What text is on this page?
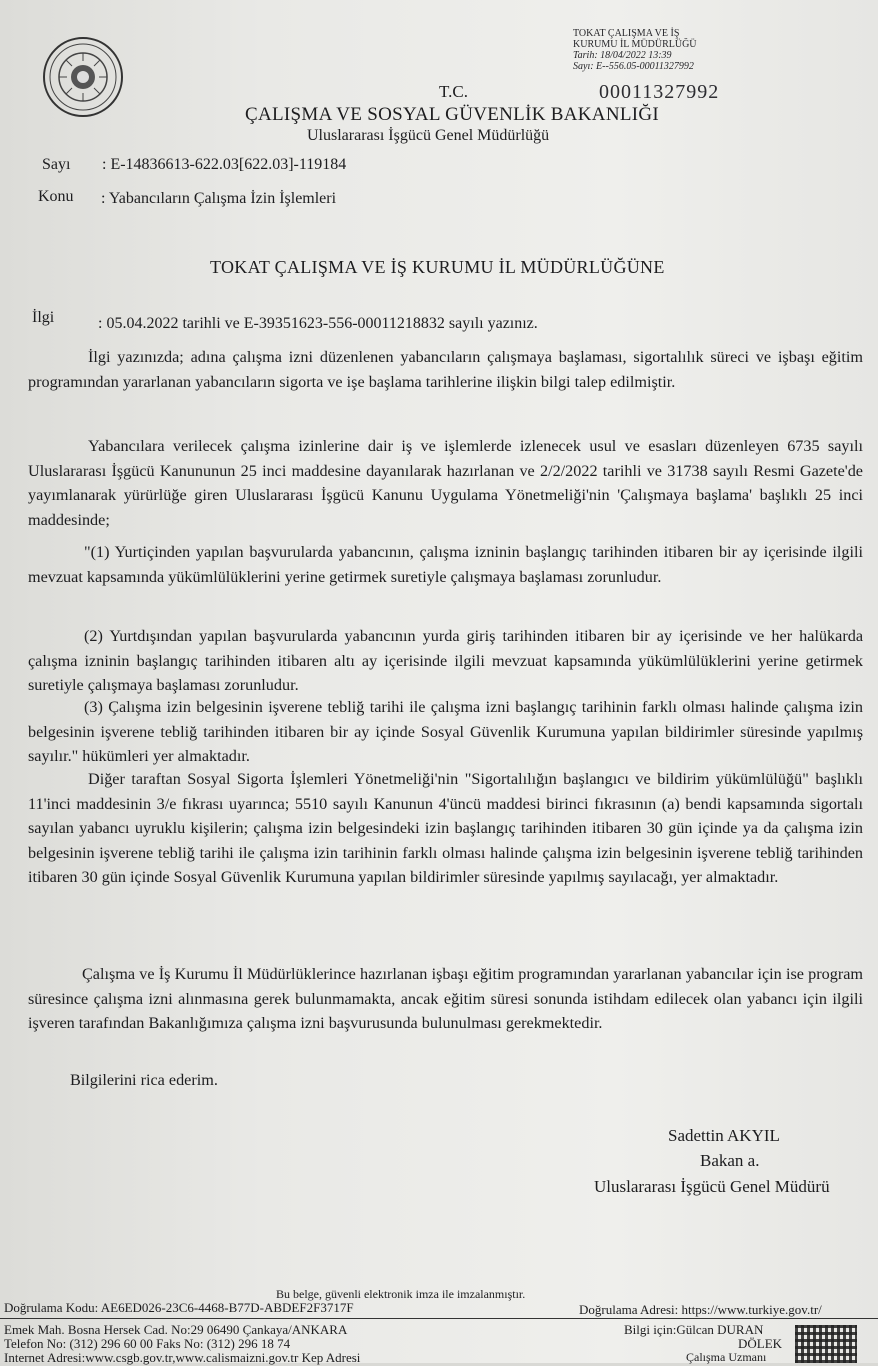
TOKAT ÇALIŞMA VE İŞ
KURUMU İL MÜDÜRLÜĞÜ
Tarih: 18/04/2022 13:39
Sayı: E--556.05-00011327992
00011327992
T.C.
ÇALIŞMA VE SOSYAL GÜVENLİK BAKANLIĞI
Uluslararası İşgücü Genel Müdürlüğü
Sayı : E-14836613-622.03[622.03]-119184
Konu : Yabancıların Çalışma İzin İşlemleri
TOKAT ÇALIŞMA VE İŞ KURUMU İL MÜDÜRLÜĞÜNE
İlgi	: 05.04.2022 tarihli ve E-39351623-556-00011218832 sayılı yazınız.

İlgi yazınızda; adına çalışma izni düzenlenen yabancıların çalışmaya başlaması, sigortalılık süreci ve işbaşı eğitim programından yararlanan yabancıların sigorta ve işe başlama tarihlerine ilişkin bilgi talep edilmiştir.

Yabancılara verilecek çalışma izinlerine dair iş ve işlemlerde izlenecek usul ve esasları düzenleyen 6735 sayılı Uluslararası İşgücü Kanununun 25 inci maddesine dayanılarak hazırlanan ve 2/2/2022 tarihli ve 31738 sayılı Resmi Gazete'de yayımlanarak yürürlüğe giren Uluslararası İşgücü Kanunu Uygulama Yönetmeliği'nin 'Çalışmaya başlama' başlıklı 25 inci maddesinde;

"(1) Yurtiçinden yapılan başvurularda yabancının, çalışma izninin başlangıç tarihinden itibaren bir ay içerisinde ilgili mevzuat kapsamında yükümlülüklerini yerine getirmek suretiyle çalışmaya başlaması zorunludur.

(2) Yurtdışından yapılan başvurularda yabancının yurda giriş tarihinden itibaren bir ay içerisinde ve her halükarda çalışma izninin başlangıç tarihinden itibaren altı ay içerisinde ilgili mevzuat kapsamında yükümlülüklerini yerine getirmek suretiyle çalışmaya başlaması zorunludur.

(3) Çalışma izin belgesinin işverene tebliğ tarihi ile çalışma izni başlangıç tarihinin farklı olması halinde çalışma izin belgesinin işverene tebliğ tarihinden itibaren bir ay içinde Sosyal Güvenlik Kurumuna yapılan bildirimler süresinde yapılmış sayılır." hükümleri yer almaktadır.

Diğer taraftan Sosyal Sigorta İşlemleri Yönetmeliği'nin "Sigortalılığın başlangıcı ve bildirim yükümlülüğü" başlıklı 11'inci maddesinin 3/e fıkrası uyarınca; 5510 sayılı Kanunun 4'üncü maddesi birinci fıkrasının (a) bendi kapsamında sigortalı sayılan yabancı uyruklu kişilerin; çalışma izin belgesindeki izin başlangıç tarihinden itibaren 30 gün içinde ya da çalışma izin belgesinin işverene tebliğ tarihi ile çalışma izin tarihinin farklı olması halinde çalışma izin belgesinin işverene tebliğ tarihinden itibaren 30 gün içinde Sosyal Güvenlik Kurumuna yapılan bildirimler süresinde yapılmış sayılacağı, yer almaktadır.

Çalışma ve İş Kurumu İl Müdürlüklerince hazırlanan işbaşı eğitim programından yararlanan yabancılar için ise program süresince çalışma izni alınmasına gerek bulunmamakta, ancak eğitim süresi sonunda istihdam edilecek olan yabancı için ilgili işveren tarafından Bakanlığımıza çalışma izni başvurusunda bulunulması gerekmektedir.

Bilgilerini rica ederim.

Sadettin AKYIL
Bakan a.
Uluslararası İşgücü Genel Müdürü
Bu belge, güvenli elektronik imza ile imzalanmıştır.
Doğrulama Kodu: AE6ED026-23C6-4468-B77D-ABDEF2F3717F	Doğrulama Adresi: https://www.turkiye.gov.tr/
Emek Mah. Bosna Hersek Cad. No:29 06490 Çankaya/ANKARA
Telefon No: (312) 296 60 00 Faks No: (312) 296 18 74
Internet Adresi:www.csgb.gov.tr,www.calismaizni.gov.tr Kep Adresi
Bilgi için:Gülcan DURAN
DÖLEK
Çalışma Uzmanı
